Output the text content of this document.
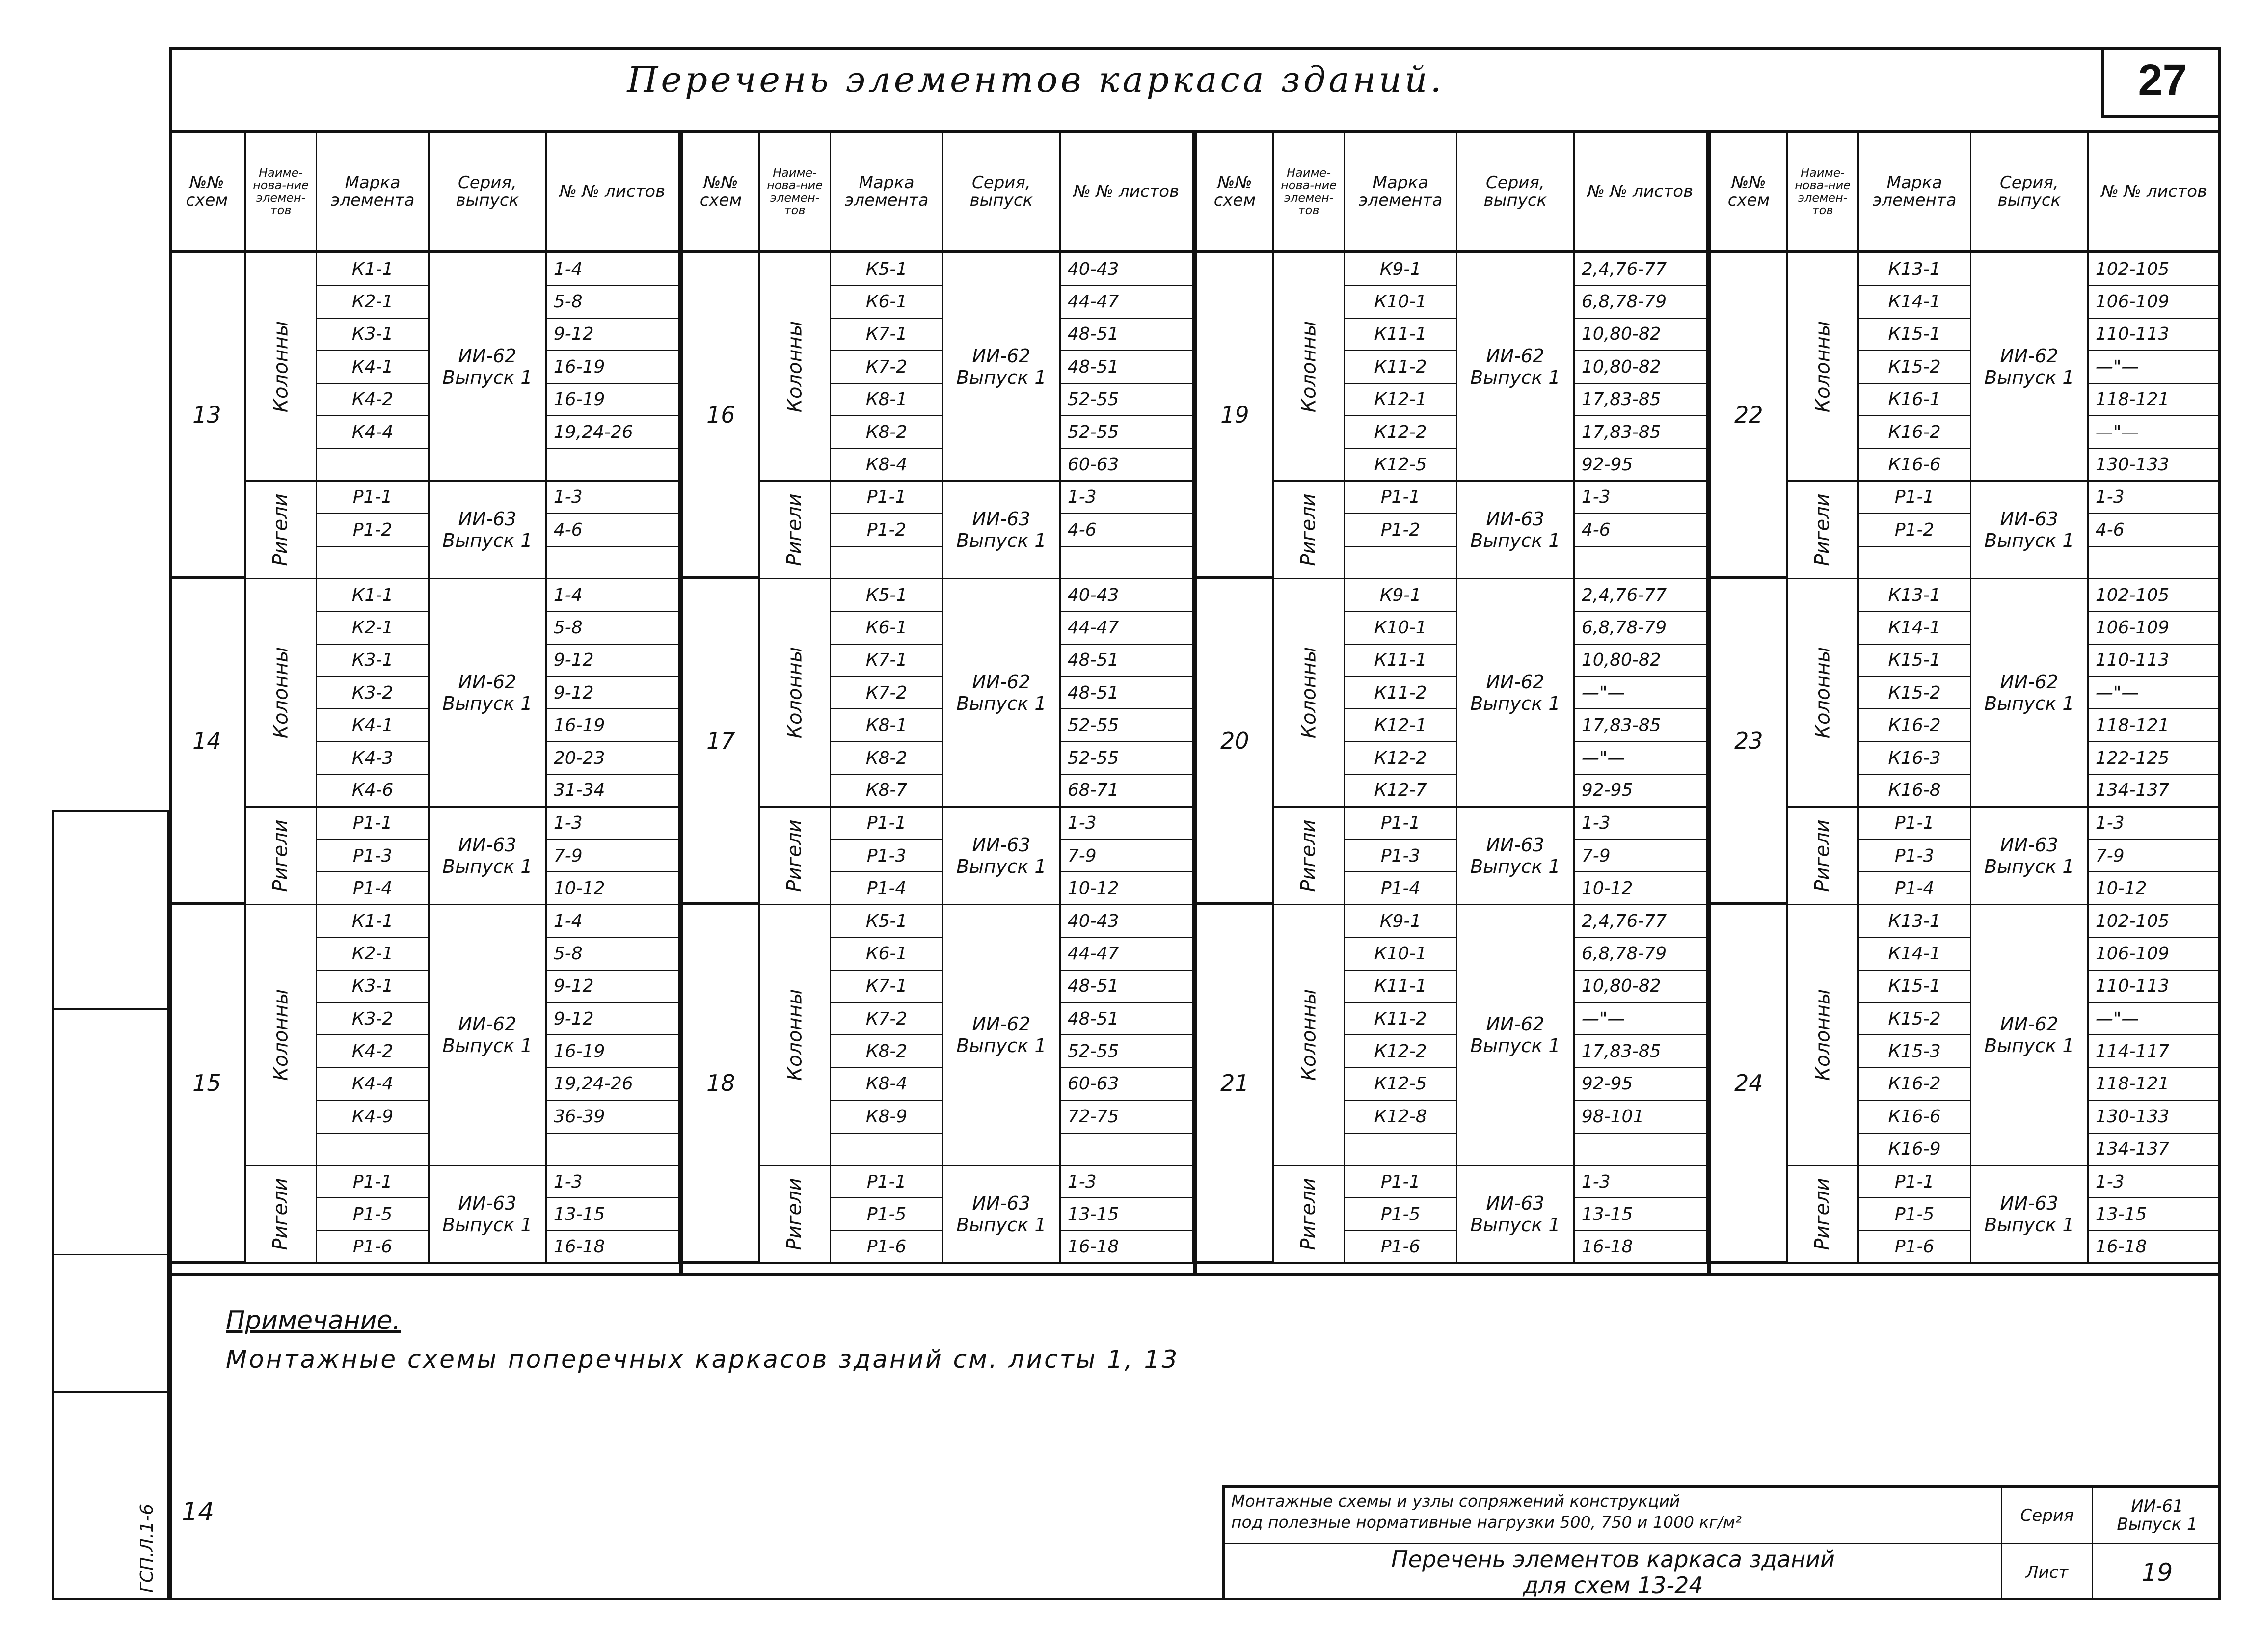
Перечень элементов каркаса зданий.	27
№№ схем
Наиме-нова-ние элемен-тов
Марка элемента
Серия, выпуск	№ № листов
13
Колонны	ИИ-62
Выпуск 1
К1-1	1-4
К2-1	5-8
К3-1	9-12
К4-1	16-19
К4-2	16-19
К4-4	19,24-26
Ригели	ИИ-63
Выпуск 1
Р1-1	1-3
Р1-2	4-6
14
Колонны	ИИ-62
Выпуск 1
К1-1	1-4
К2-1	5-8
К3-1	9-12
К3-2	9-12
К4-1	16-19
К4-3	20-23
К4-6	31-34
Ригели	ИИ-63
Выпуск 1
Р1-1	1-3
Р1-3	7-9
Р1-4	10-12
15
Колонны	ИИ-62
Выпуск 1
К1-1	1-4
К2-1	5-8
К3-1	9-12
К3-2	9-12
К4-2	16-19
К4-4	19,24-26
К4-9	36-39
Ригели	ИИ-63
Выпуск 1
Р1-1	1-3
Р1-5	13-15
Р1-6	16-18
№№ схем
Наиме-нова-ние элемен-тов
Марка элемента
Серия, выпуск	№ № листов
16
Колонны	ИИ-62
Выпуск 1
К5-1	40-43
К6-1	44-47
К7-1	48-51
К7-2	48-51
К8-1	52-55
К8-2	52-55
К8-4	60-63
Ригели	ИИ-63
Выпуск 1
Р1-1	1-3
Р1-2	4-6
17
Колонны	ИИ-62
Выпуск 1
К5-1	40-43
К6-1	44-47
К7-1	48-51
К7-2	48-51
К8-1	52-55
К8-2	52-55
К8-7	68-71
Ригели	ИИ-63
Выпуск 1
Р1-1	1-3
Р1-3	7-9
Р1-4	10-12
18
Колонны	ИИ-62
Выпуск 1
К5-1	40-43
К6-1	44-47
К7-1	48-51
К7-2	48-51
К8-2	52-55
К8-4	60-63
К8-9	72-75
Ригели	ИИ-63
Выпуск 1
Р1-1	1-3
Р1-5	13-15
Р1-6	16-18
№№ схем
Наиме-нова-ние элемен-тов
Марка элемента
Серия, выпуск	№ № листов
19
Колонны	ИИ-62
Выпуск 1
К9-1	2,4,76-77
К10-1	6,8,78-79
К11-1	10,80-82
К11-2	10,80-82
К12-1	17,83-85
К12-2	17,83-85
К12-5	92-95
Ригели	ИИ-63
Выпуск 1
Р1-1	1-3
Р1-2	4-6
20
Колонны	ИИ-62
Выпуск 1
К9-1	2,4,76-77
К10-1	6,8,78-79
К11-1	10,80-82
К11-2	—"—
К12-1	17,83-85
К12-2	—"—
К12-7	92-95
Ригели	ИИ-63
Выпуск 1
Р1-1	1-3
Р1-3	7-9
Р1-4	10-12
21
Колонны	ИИ-62
Выпуск 1
К9-1	2,4,76-77
К10-1	6,8,78-79
К11-1	10,80-82
К11-2	—"—
К12-2	17,83-85
К12-5	92-95
К12-8	98-101
Ригели	ИИ-63
Выпуск 1
Р1-1	1-3
Р1-5	13-15
Р1-6	16-18
№№ схем
Наиме-нова-ние элемен-тов
Марка элемента
Серия, выпуск	№ № листов
22
Колонны	ИИ-62
Выпуск 1
К13-1	102-105
К14-1	106-109
К15-1	110-113
К15-2	—"—
К16-1	118-121
К16-2	—"—
К16-6	130-133
Ригели	ИИ-63
Выпуск 1
Р1-1	1-3
Р1-2	4-6
23
Колонны	ИИ-62
Выпуск 1
К13-1	102-105
К14-1	106-109
К15-1	110-113
К15-2	—"—
К16-2	118-121
К16-3	122-125
К16-8	134-137
Ригели	ИИ-63
Выпуск 1
Р1-1	1-3
Р1-3	7-9
Р1-4	10-12
24
Колонны	ИИ-62
Выпуск 1
К13-1	102-105
К14-1	106-109
К15-1	110-113
К15-2	—"—
К15-3	114-117
К16-2	118-121
К16-6	130-133
К16-9	134-137
Ригели	ИИ-63
Выпуск 1
Р1-1	1-3
Р1-5	13-15
Р1-6	16-18
Примечание.
Монтажные схемы поперечных каркасов зданий см. листы 1, 13
14
ГСП.Л.1-6
Монтажные схемы и узлы сопряжений конструкций
под полезные нормативные нагрузки 500, 750 и 1000 кг/м²
Перечень элементов каркаса зданий
для схем 13-24
Серия	ИИ-61
Выпуск 1
Лист	19
